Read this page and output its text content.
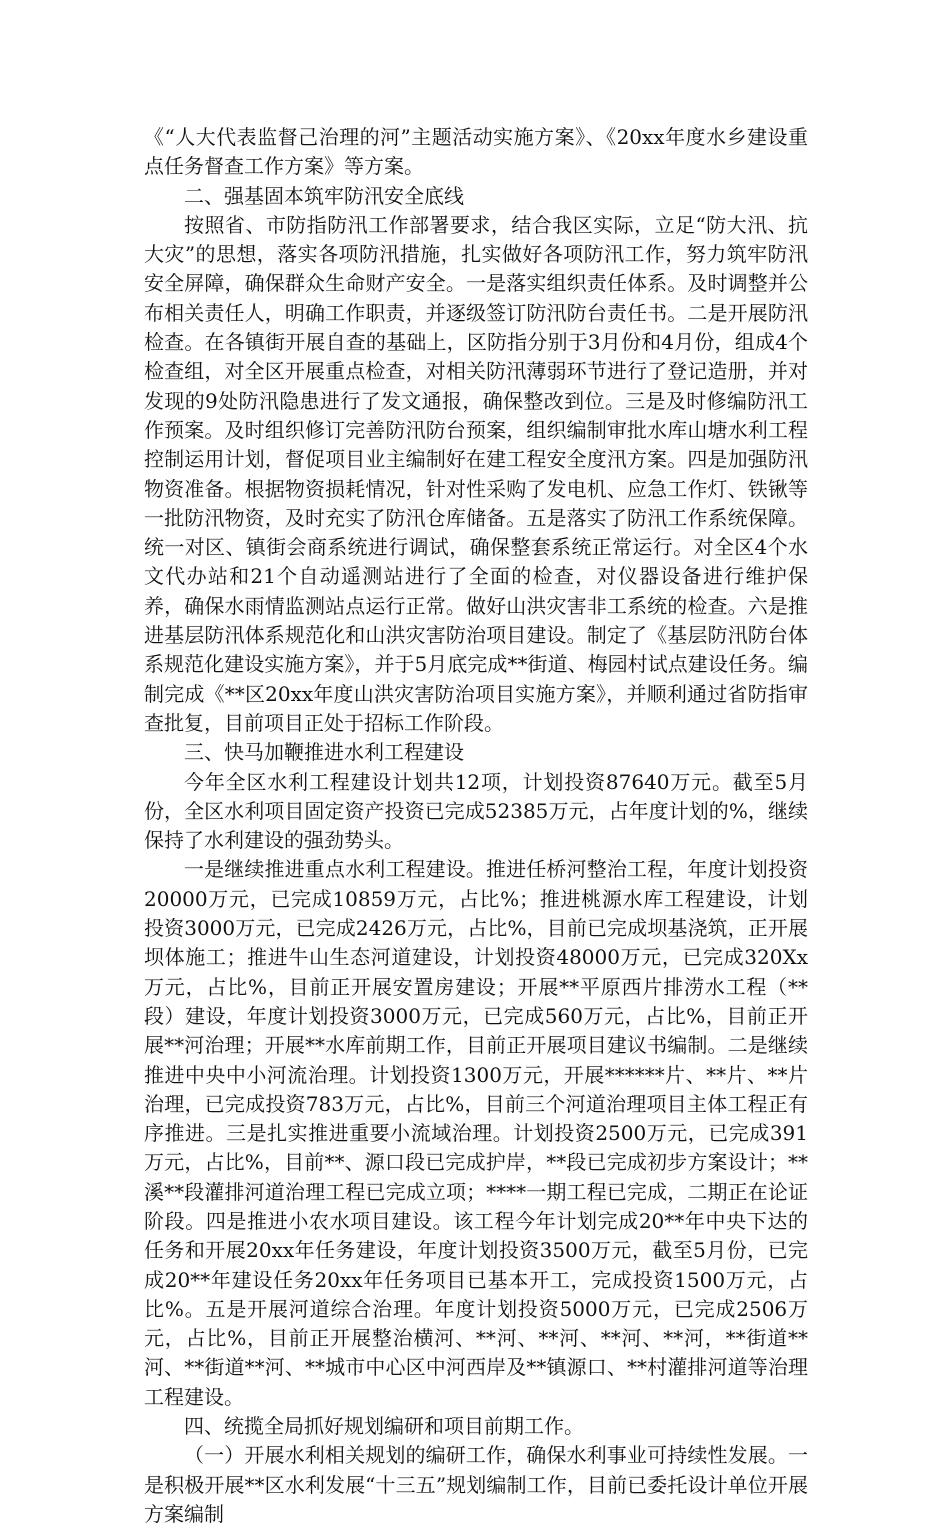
《“人大代表监督己治理的河”主题活动实施方案》、《20xx年度水乡建设重点任务督查工作方案》等方案。

二、强基固本筑牢防汛安全底线

按照省、市防指防汛工作部署要求，结合我区实际，立足“防大汛、抗大灾”的思想，落实各项防汛措施，扎实做好各项防汛工作，努力筑牢防汛安全屏障，确保群众生命财产安全。一是落实组织责任体系。及时调整并公布相关责任人，明确工作职责，并逐级签订防汛防台责任书。二是开展防汛检查。在各镇街开展自查的基础上，区防指分别于3月份和4月份，组成4个检查组，对全区开展重点检查，对相关防汛薄弱环节进行了登记造册，并对发现的9处防汛隐患进行了发文通报，确保整改到位。三是及时修编防汛工作预案。及时组织修订完善防汛防台预案，组织编制审批水库山塘水利工程控制运用计划，督促项目业主编制好在建工程安全度汛方案。四是加强防汛物资准备。根据物资损耗情况，针对性采购了发电机、应急工作灯、铁锹等一批防汛物资，及时充实了防汛仓库储备。五是落实了防汛工作系统保障。统一对区、镇街会商系统进行调试，确保整套系统正常运行。对全区4个水文代办站和21个自动遥测站进行了全面的检查，对仪器设备进行维护保养，确保水雨情监测站点运行正常。做好山洪灾害非工系统的检查。六是推进基层防汛体系规范化和山洪灾害防治项目建设。制定了《基层防汛防台体系规范化建设实施方案》，并于5月底完成**街道、梅园村试点建设任务。编制完成《**区20xx年度山洪灾害防治项目实施方案》，并顺利通过省防指审查批复，目前项目正处于招标工作阶段。

三、快马加鞭推进水利工程建设

今年全区水利工程建设计划共12项，计划投资87640万元。截至5月份，全区水利项目固定资产投资已完成52385万元，占年度计划的%，继续保持了水利建设的强劲势头。

一是继续推进重点水利工程建设。推进任桥河整治工程，年度计划投资20000万元，已完成10859万元，占比%；推进桃源水库工程建设，计划投资3000万元，已完成2426万元，占比%，目前已完成坝基浇筑，正开展坝体施工；推进牛山生态河道建设，计划投资48000万元，已完成320Xx万元，占比%，目前正开展安置房建设；开展**平原西片排涝水工程（**段）建设，年度计划投资3000万元，已完成560万元，占比%，目前正开展**河治理；开展**水库前期工作，目前正开展项目建议书编制。二是继续推进中央中小河流治理。计划投资1300万元，开展******片、**片、**片治理，已完成投资783万元，占比%，目前三个河道治理项目主体工程正有序推进。三是扎实推进重要小流域治理。计划投资2500万元，已完成391万元，占比%，目前**、源口段已完成护岸，**段已完成初步方案设计；**溪**段灌排河道治理工程已完成立项；****一期工程已完成，二期正在论证阶段。四是推进小农水项目建设。该工程今年计划完成20**年中央下达的任务和开展20xx年任务建设，年度计划投资3500万元，截至5月份，已完成20**年建设任务20xx年任务项目已基本开工，完成投资1500万元，占比%。五是开展河道综合治理。年度计划投资5000万元，已完成2506万元，占比%，目前正开展整治横河、**河、**河、**河、**河，**街道**河、**街道**河、**城市中心区中河西岸及**镇源口、**村灌排河道等治理工程建设。

四、统揽全局抓好规划编研和项目前期工作。

（一）开展水利相关规划的编研工作，确保水利事业可持续性发展。一是积极开展**区水利发展“十三五”规划编制工作，目前已委托设计单位开展方案编制
